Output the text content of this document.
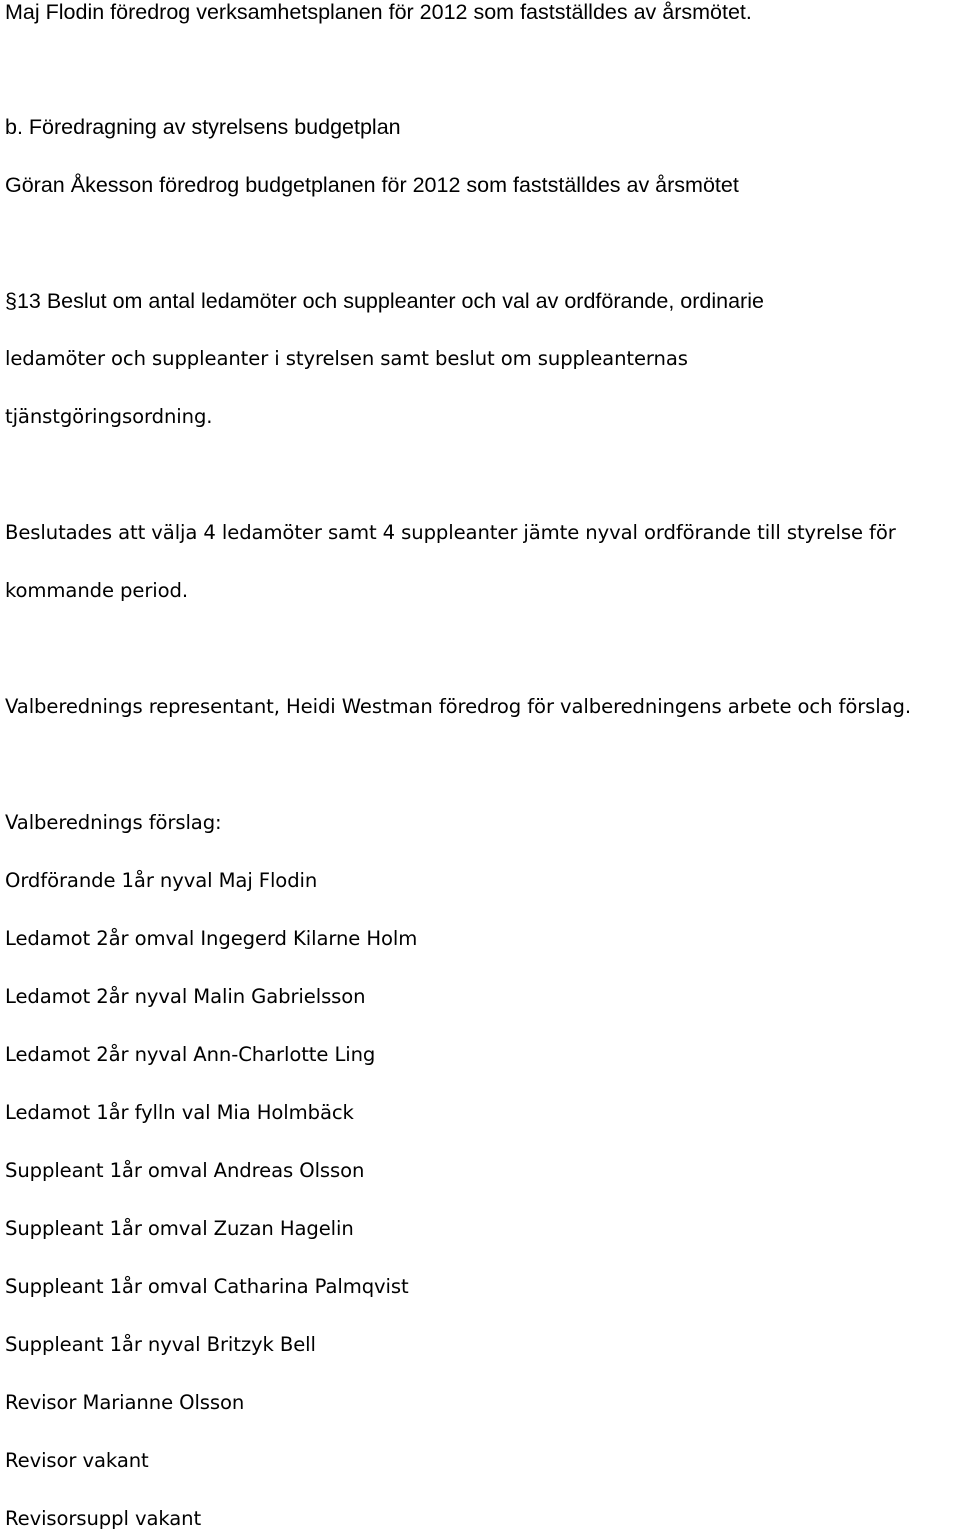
Maj Flodin föredrog verksamhetsplanen för 2012 som fastställdes av årsmötet.
b. Föredragning av styrelsens budgetplan
Göran Åkesson föredrog budgetplanen för 2012 som fastställdes av årsmötet
§13 Beslut om antal ledamöter och suppleanter och val av ordförande, ordinarie
ledamöter och suppleanter i styrelsen samt beslut om suppleanternas
tjänstgöringsordning.
Beslutades att välja 4 ledamöter samt 4 suppleanter jämte nyval ordförande till styrelse för
kommande period.
Valberednings representant, Heidi Westman föredrog för valberedningens arbete och förslag.
Valberednings förslag:
Ordförande 1år nyval Maj Flodin
Ledamot 2år omval Ingegerd Kilarne Holm
Ledamot 2år nyval Malin Gabrielsson
Ledamot 2år nyval Ann-Charlotte Ling
Ledamot 1år fylln val Mia Holmbäck
Suppleant 1år omval Andreas Olsson
Suppleant 1år omval Zuzan Hagelin
Suppleant 1år omval Catharina Palmqvist
Suppleant 1år nyval Britzyk Bell
Revisor Marianne Olsson
Revisor vakant
Revisorsuppl vakant
